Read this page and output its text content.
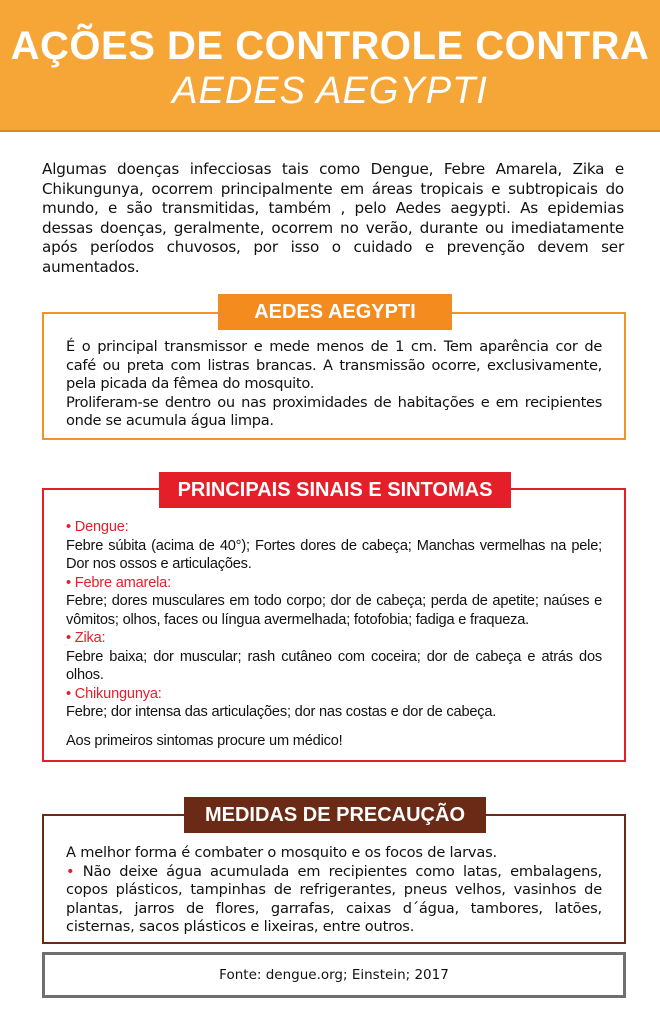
AÇÕES DE CONTROLE CONTRA
AEDES AEGYPTI
Algumas doenças infecciosas tais como Dengue, Febre Amarela, Zika e Chikungunya, ocorrem principalmente em áreas tropicais e subtropicais do mundo, e são transmitidas, também , pelo Aedes aegypti. As epidemias dessas doenças, geralmente, ocorrem no verão, durante ou imediatamente após períodos chuvosos, por isso o cuidado e prevenção devem ser aumentados.
AEDES AEGYPTI

É o principal transmissor e mede menos de 1 cm. Tem aparência cor de café ou preta com listras brancas. A transmissão ocorre, exclusivamente, pela picada da fêmea do mosquito.

Proliferam-se dentro ou nas proximidades de habitações e em recipientes onde se acumula água limpa.

PRINCIPAIS SINAIS E SINTOMAS

• Dengue:

Febre súbita (acima de 40°); Fortes dores de cabeça; Manchas vermelhas na pele; Dor nos ossos e articulações.

• Febre amarela:

Febre; dores musculares em todo corpo; dor de cabeça; perda de apetite; naúses e vômitos; olhos, faces ou língua avermelhada; fotofobia; fadiga e fraqueza.

• Zika:

Febre baixa; dor muscular; rash cutâneo com coceira; dor de cabeça e atrás dos olhos.

• Chikungunya:

Febre; dor intensa das articulações; dor nas costas e dor de cabeça.

Aos primeiros sintomas procure um médico!

MEDIDAS DE PRECAUÇÃO

A melhor forma é combater o mosquito e os focos de larvas.

• Não deixe água acumulada em recipientes como latas, embalagens, copos plásticos, tampinhas de refrigerantes, pneus velhos, vasinhos de plantas, jarros de flores, garrafas, caixas d´água, tambores, latões, cisternas, sacos plásticos e lixeiras, entre outros.

Fonte: dengue.org; Einstein; 2017
